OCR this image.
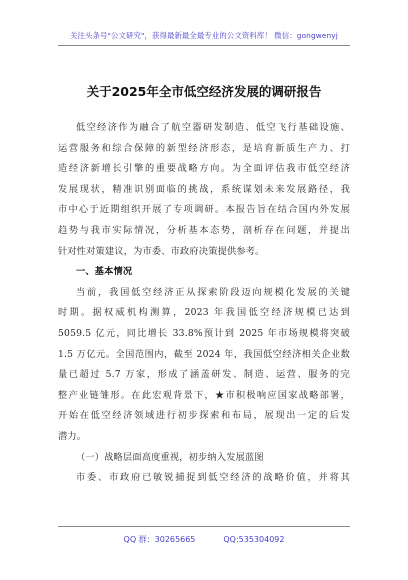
关注头条号"公文研究"，获得最新最全最专业的公文资料库！ 微信：gongwenyj
关于2025年全市低空经济发展的调研报告
低空经济作为融合了航空器研发制造、低空飞行基础设施、
运营服务和综合保障的新型经济形态，是培育新质生产力、打
造经济新增长引擎的重要战略方向。为全面评估我市低空经济
发展现状，精准识别面临的挑战，系统谋划未来发展路径，我
市中心于近期组织开展了专项调研。本报告旨在结合国内外发展
趋势与我市实际情况，分析基本态势，剖析存在问题，并提出
针对性对策建议，为市委、市政府决策提供参考。
一、基本情况
当前，我国低空经济正从探索阶段迈向规模化发展的关键
时期。据权威机构测算，2023 年我国低空经济规模已达到
5059.5 亿元，同比增长 33.8%预计到 2025 年市场规模将突破
1.5 万亿元。全国范围内，截至 2024 年，我国低空经济相关企业数
量已超过 5.7 万家，形成了涵盖研发、制造、运营、服务的完
整产业链雏形。在此宏观背景下，★市积极响应国家战略部署，
开始在低空经济领域进行初步探索和布局，展现出一定的后发
潜力。
（一）战略层面高度重视，初步纳入发展蓝图
市委、市政府已敏锐捕捉到低空经济的战略价值，并将其
QQ 群：30265665	QQ:535304092
